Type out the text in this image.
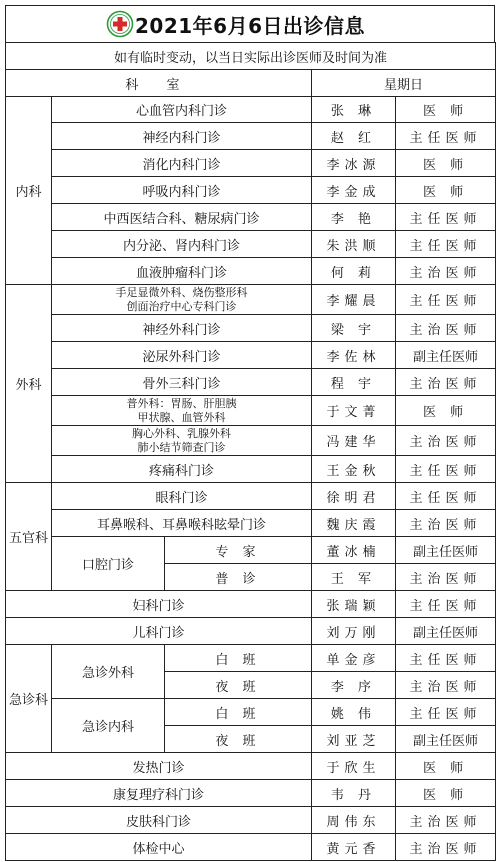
2021年6月6日出诊信息
如有临时变动，以当日实际出诊医师及时间为准				
科 室			星期日	
内科	心血管内科门诊		张 琳	医 师
	神经内科门诊		赵 红	主任医师
	消化内科门诊		李冰源	医 师
	呼吸内科门诊		李金成	医 师
	中西医结合科、糖尿病门诊		李 艳	主任医师
	内分泌、肾内科门诊		朱洪顺	主任医师
	血液肿瘤科门诊		何 莉	主治医师
外科	手足显微外科、烧伤整形科
创面治疗中心专科门诊		李耀晨	主任医师
	神经外科门诊		梁 宇	主治医师
	泌尿外科门诊		李佐林	副主任医师
	骨外三科门诊		程 宇	主治医师

	普外科：胃肠、肝胆胰
甲状腺、血管外科		于文菁	医 师

	胸心外科、乳腺外科
肺小结节筛查门诊		冯建华	主治医师
	疼痛科门诊		王金秋	主任医师
五官科	眼科门诊		徐明君	主任医师
	耳鼻喉科、耳鼻喉科眩晕门诊		魏庆霞	主治医师
	口腔门诊	专 家	董冰楠	副主任医师
		普 诊	王 军	主治医师
妇科门诊			张瑞颖	主任医师
儿科门诊			刘万刚	副主任医师
急诊科	急诊外科	白 班	单金彦	主任医师
		夜 班	李 序	主治医师
	急诊内科	白 班	姚 伟	主任医师
		夜 班	刘亚芝	副主任医师
发热门诊			于欣生	医 师
康复理疗科门诊			韦 丹	医 师
皮肤科门诊			周伟东	主治医师
体检中心			黄元香	主治医师
